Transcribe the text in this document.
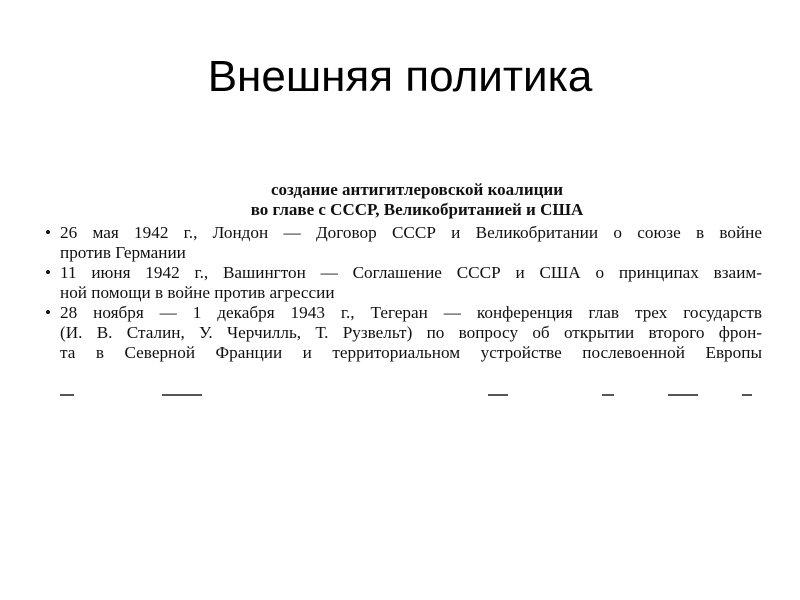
Внешняя политика
создание антигитлеровской коалиции
во главе с СССР, Великобританией и США
• 26 мая 1942 г., Лондон — Договор СССР и Великобритании о союзе в войне
против Германии
• 11 июня 1942 г., Вашингтон — Соглашение СССР и США о принципах взаим-
ной помощи в войне против агрессии
• 28 ноября — 1 декабря 1943 г., Тегеран — конференция глав трех государств
(И. В. Сталин, У. Черчилль, Т. Рузвельт) по вопросу об открытии второго фрон-
та в Северной Франции и территориальном устройстве послевоенной Европы
